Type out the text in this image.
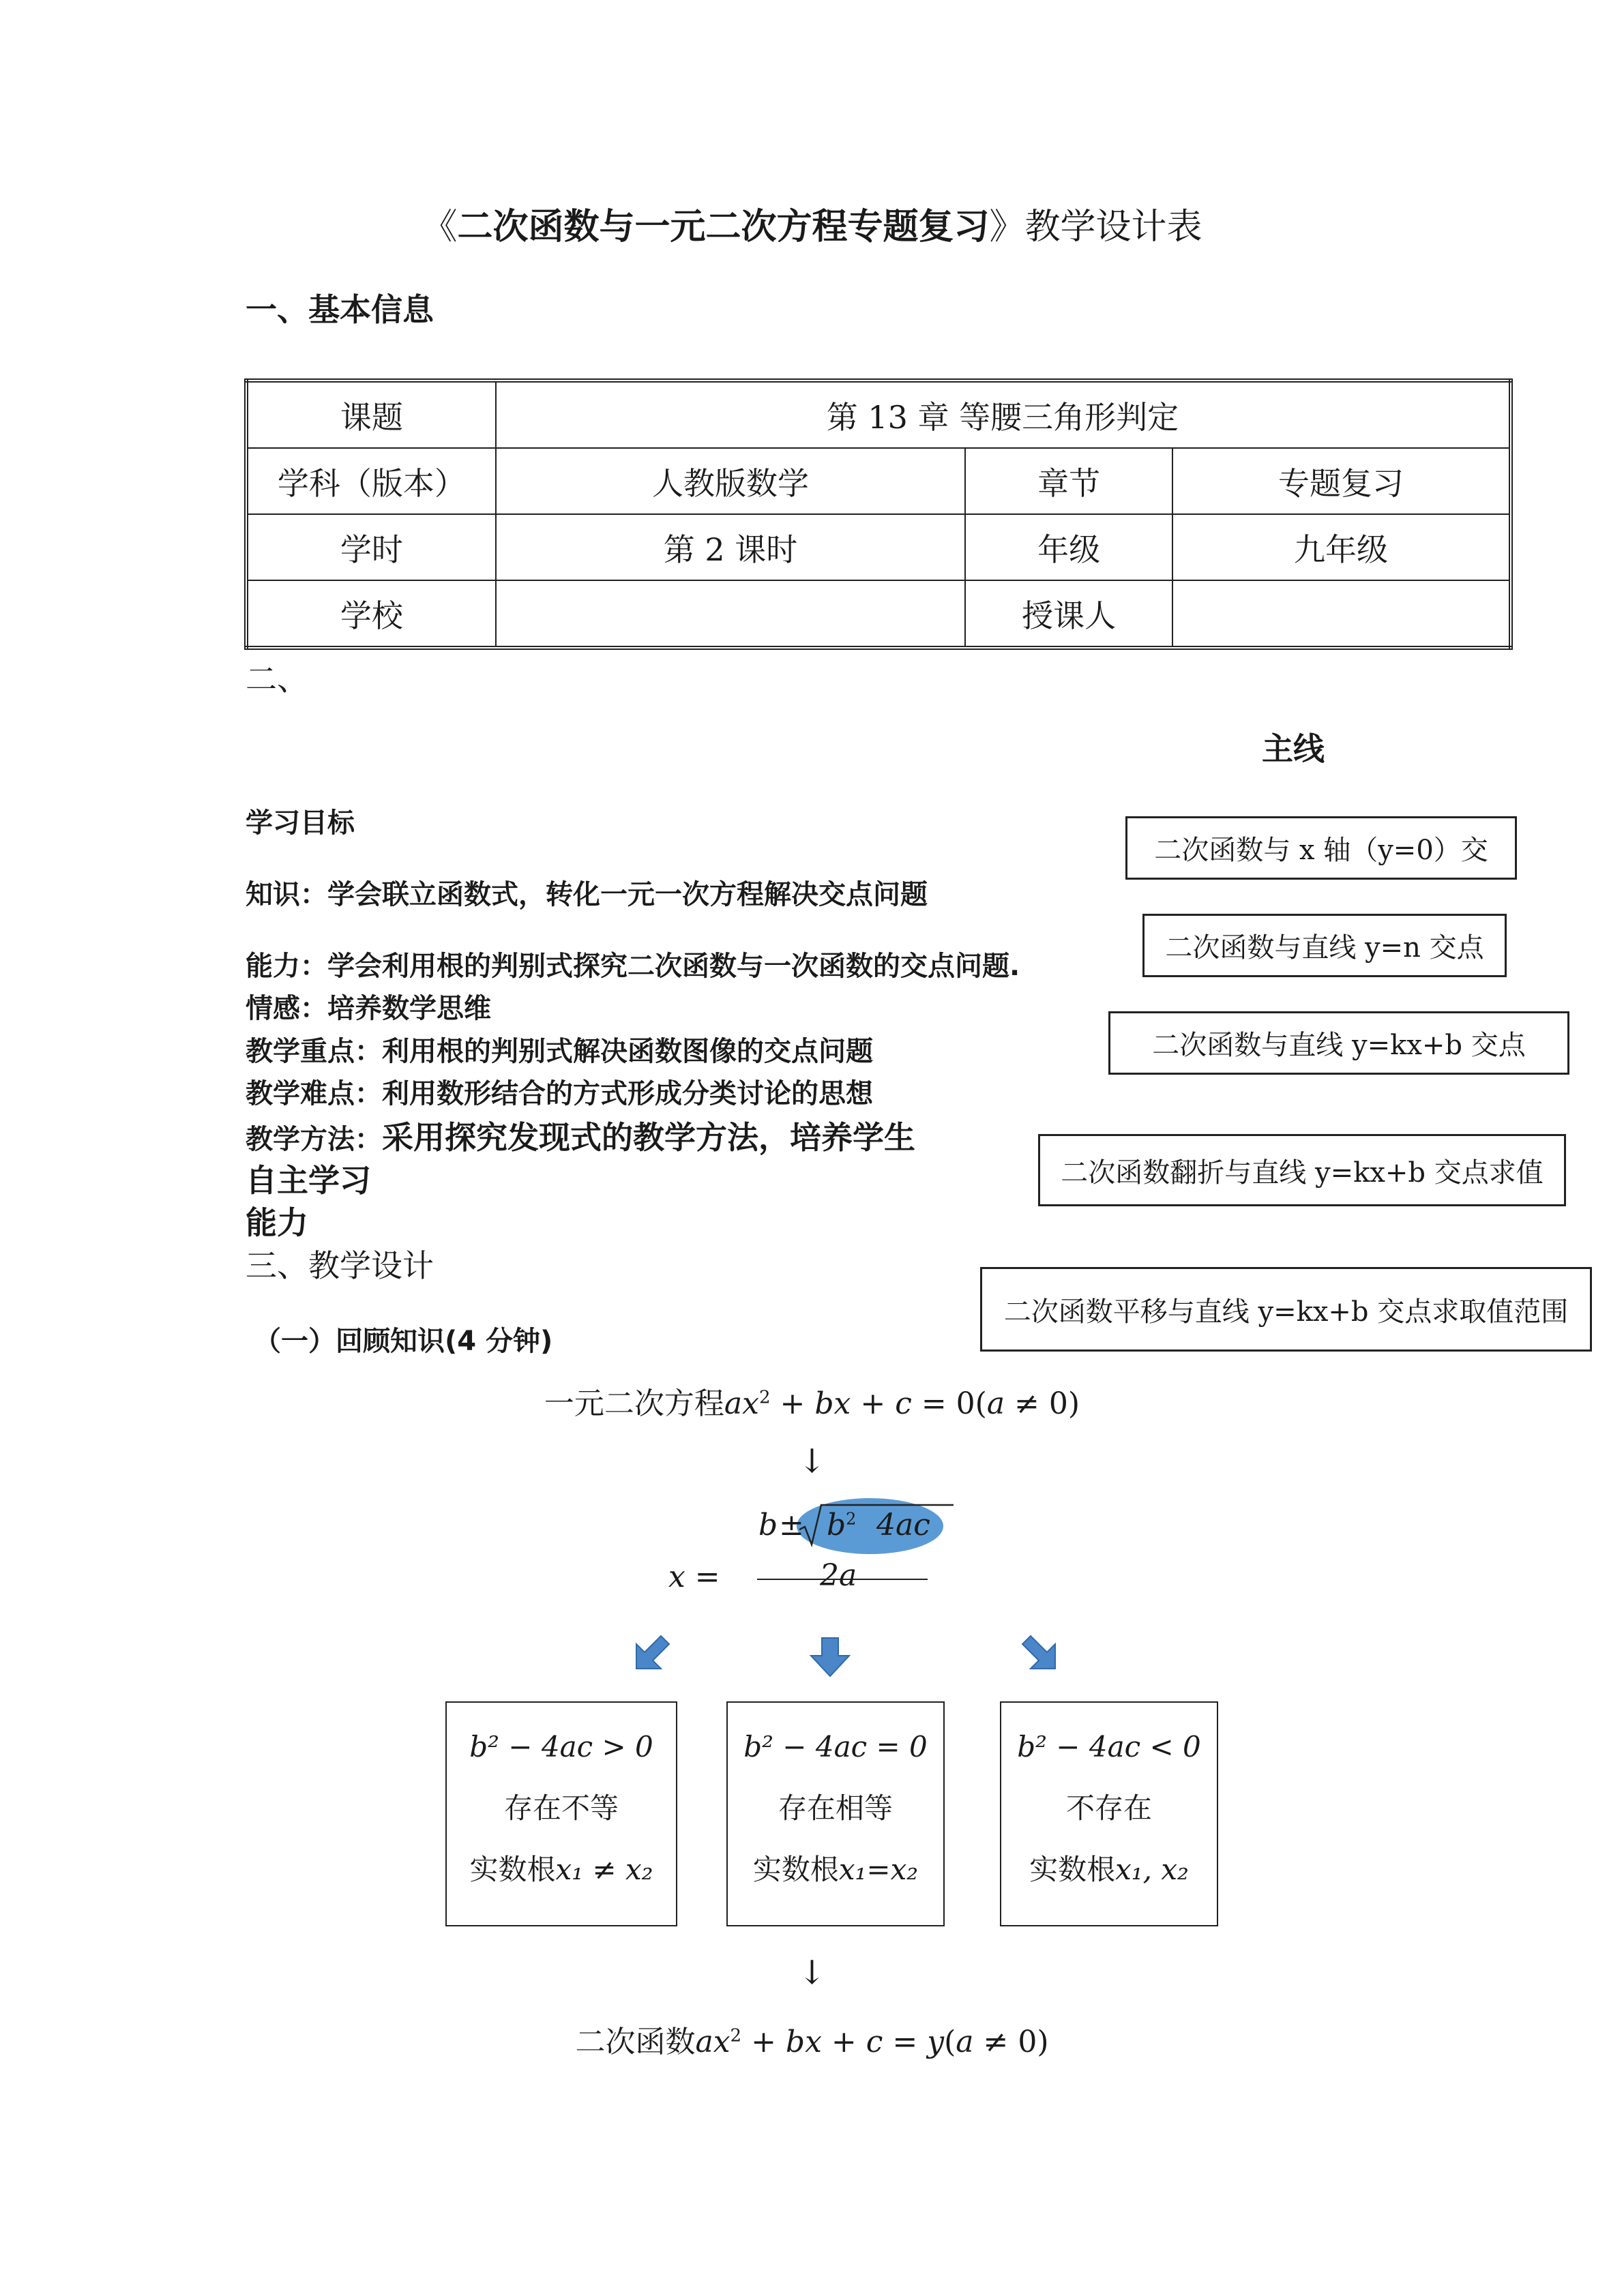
《二次函数与一元二次方程专题复习》教学设计表
一、基本信息
课题	第 13 章 等腰三角形判定		
学科（版本）	人教版数学	章节	专题复习
学时	第 2 课时	年级	九年级
学校		授课人	
二、
主线
学习目标
知识：学会联立函数式，转化一元一次方程解决交点问题
能力：学会利用根的判别式探究二次函数与一次函数的交点问题.
情感：培养数学思维
教学重点：利用根的判别式解决函数图像的交点问题
教学难点：利用数形结合的方式形成分类讨论的思想
教学方法：采用探究发现式的教学方法，培养学生
自主学习
能力
二次函数与 x 轴（y=0）交
二次函数与直线 y=n 交点
二次函数与直线 y=kx+b 交点
二次函数翻折与直线 y=kx+b 交点求值
二次函数平移与直线 y=kx+b 交点求取值范围
三、教学设计
（一）回顾知识(4 分钟)
一元二次方程$ax^2$ + bx + c = 0(a ≠ 0)
↓
x =
$b \pm b^2$ 4ac
2a
b² − 4ac > 0
存在不等
实数根x₁ ≠ x₂
b² − 4ac = 0
存在相等
实数根x₁=x₂
b² − 4ac < 0
不存在
实数根x₁, x₂
↓
二次函数$ax^2$ + bx + c = y(a ≠ 0)
